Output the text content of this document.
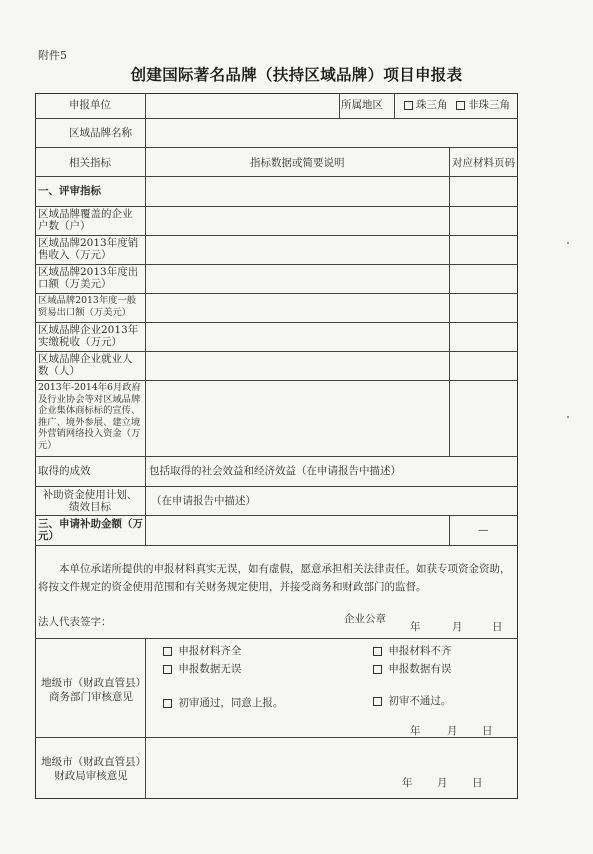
附件5
创建国际著名品牌（扶持区域品牌）项目申报表
申报单位	所属地区	珠三角	非珠三角
区域品牌名称
相关指标	指标数据或简要说明	对应材料页码
一、评审指标
区域品牌覆盖的企业户数（户）
区域品牌2013年度销售收入（万元）
区域品牌2013年度出口额（万美元）
区域品牌2013年度一般贸易出口额（万美元）
区域品牌企业2013年实缴税收（万元）
区域品牌企业就业人数（人）
2013年-2014年6月政府及行业协会等对区域品牌企业集体商标标的宣传、推广、境外参展、建立境外营销网络投入资金（万元）
取得的成效	包括取得的社会效益和经济效益（在申请报告中描述）
补助资金使用计划、绩效目标	（在申请报告中描述）
三、申请补助金额（万元）	—
本单位承诺所提供的申报材料真实无误，如有虚假，愿意承担相关法律责任。如获专项资金资助，将按文件规定的资金使用范围和有关财务规定使用，并接受商务和财政部门的监督。
法人代表签字：	企业公章
年	月	日
地级市（财政直管县）商务部门审核意见
申报材料齐全	申报材料不齐
申报数据无误	申报数据有误
初审通过，同意上报。	初审不通过。
年	月 日
地级市（财政直管县）财政局审核意见
年 月 日
